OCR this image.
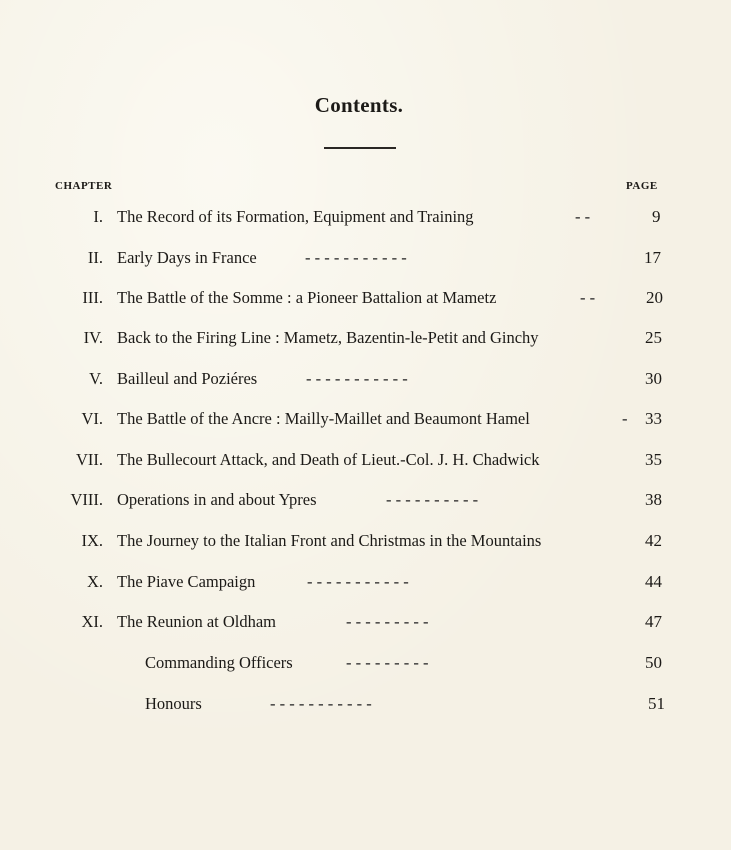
Contents.
CHAPTER	PAGE
I. The Record of its Formation, Equipment and Training	- -	9
II. Early Days in France	- - - - - - - - - - -	17
III. The Battle of the Somme : a Pioneer Battalion at Mametz	- -	20
IV. Back to the Firing Line : Mametz, Bazentin-le-Petit and Ginchy	25
V. Bailleul and Poziéres	- - - - - - - - - - -	30
VI. The Battle of the Ancre : Mailly-Maillet and Beaumont Hamel	- 33
VII. The Bullecourt Attack, and Death of Lieut.-Col. J. H. Chadwick	35
VIII. Operations in and about Ypres	- - - - - - - - - -	38
IX. The Journey to the Italian Front and Christmas in the Mountains	42
X. The Piave Campaign	- - - - - - - - - - -	44
XI. The Reunion at Oldham	- - - - - - - - -	47
Commanding Officers	- - - - - - - - -	50
Honours	- - - - - - - - - - -	51
